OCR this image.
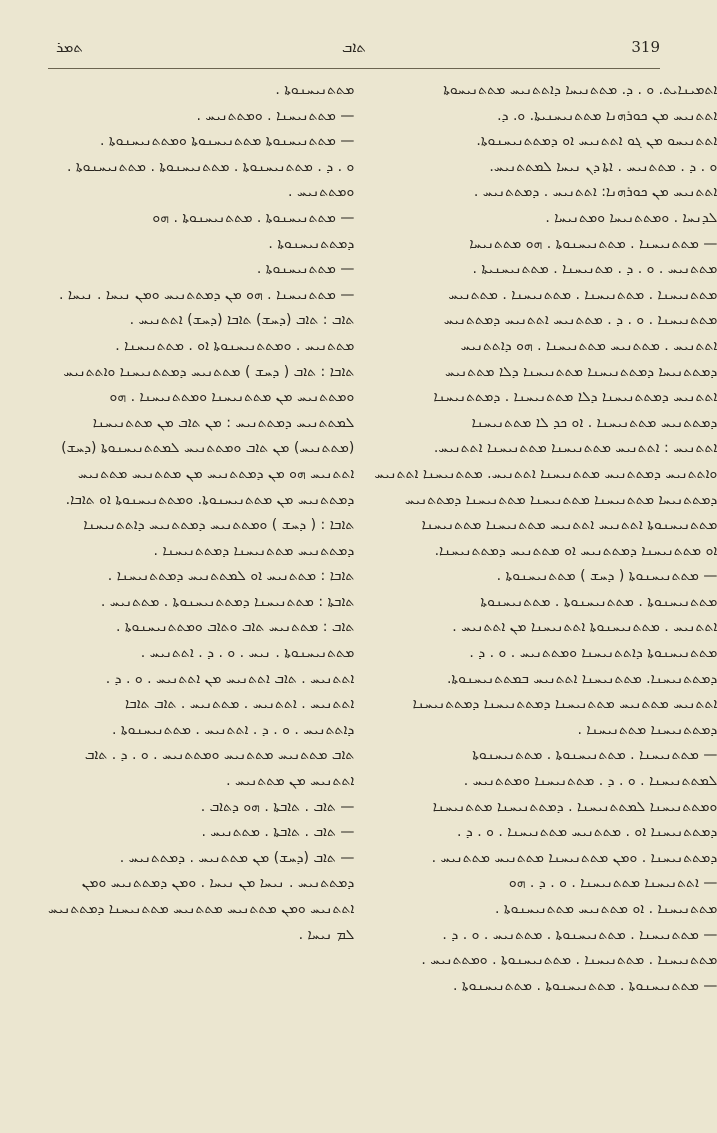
ܬܡܪ	ܬܐܒ	319
ܡܬܬܢܝܚܢܘܬܐ .
— ܡܬܬܢܝܚܢܐ . ܘܡܬܬܢܝܚ .
— ܡܬܬܢܝܚܢܘܬܐ ܡܬܬܢܝܚܢܘܬܐ ܘܡܬܬܢܝܚܢܘܬܐ .
ܘ . ܕ . ܡܬܬܢܝܚܢܘܬܐ . ܡܬܬܢܝܚܢܘܬܐ . ܡܬܬܢܝܚܢܘܬܐ .
ܘܡܬܬܢܝܚ .
— ܡܬܬܢܝܚܢܘܬܐ . ܡܬܬܢܝܚܢܘܬܐ . ܗܘ
ܕܡܬܬܢܝܚܢܘܬܐ .
— ܡܬܬܢܝܚܢܘܬܐ .
— ܡܬܬܢܝܚܢܐ . ܗܘ ܡܢ ܕܡܬܬܢܝܚ ܘܡܢ ܢܝܚܐ . ܢܝܚܐ .
ܬܐܒ : ܬܐܒ (ܕܚܫ) ܬܐܒܐ (ܕܚܫ) ܐܬܬܢܝܚ .
ܡܬܬܢܝܚ . ܘܡܬܬܢܝܚܢܘܬܐ ܐܘ . ܡܬܬܢܝܚܢܐ .
ܬܐܒܐ : ܬܐܒ ( ܕܚܫ ) ܡܬܬܢܝܚ ܕܡܬܬܢܝܚܢܐ ܘܐܬܬܢܝܚ
ܘܡܬܬܢܝܚ ܡܢ ܡܬܬܢܝܚܢܐ ܘܡܬܬܢܝܚܢܐ . ܗܘ
ܠܡܬܬܢܝܚ ܕܡܬܬܢܝܚ : ܡܢ ܬܐܒ ܡܢ ܡܬܬܢܝܚܢܐ
(ܡܬܬܢܝܚ) ܡܢ ܬܐܒ ܘܡܬܬܢܝܚ ܠܡܬܬܢܝܚܢܘܬܐ (ܕܚܫ)
ܐܬܬܢܝܚ ܗܘ ܡܢ ܕܡܬܬܢܝܚ ܡܢ ܡܬܬܢܝܚ ܡܬܬܢܝܚ
ܕܡܬܬܢܝܚ ܡܢ ܡܬܬܢܝܚܢܘܬܐ. ܘܡܬܬܢܝܚܢܘܬܐ ܐܘ ܬܐܒܐ.
ܬܐܒܐ : ( ܕܚܫ ) ܘܡܬܬܢܝܚ ܕܡܬܬܢܝܚ ܕܐܬܬܢܝܚܢܐ
ܕܡܬܬܢܝܚ ܡܬܬܢܝܚܢܐ ܕܡܬܬܢܝܚܢܐ .
ܬܐܒܐ : ܡܬܬܢܝܚ ܐܘ ܠܡܬܬܢܝܚ ܕܡܬܬܢܝܚܢܐ .
ܬܐܒܬܐ : ܡܬܬܢܝܚܢܐ ܕܡܬܬܢܝܚܢܘܬܐ . ܡܬܬܢܝܚ .
ܬܐܒ : ܡܬܬܢܝܚ ܬܐܒ ܘܬܐܒ ܘܡܬܬܢܝܚܢܘܬܐ .
ܡܬܬܢܝܚܢܘܬܐ . ܢܝܚ . ܘ . ܕ . ܐܬܬܢܝܚ .
ܐܬܬܢܝܚ . ܬܐܒ ܐܬܬܢܝܚ ܡܢ ܐܬܬܢܝܚ . ܘ . ܕ .
ܐܬܬܢܝܚ . ܐܬܬܢܝܚ . ܡܬܬܢܝܚ . ܬܐܒ ܬܐܒܐ
ܕܐܬܬܢܝܚ . ܘ . ܕ . ܐܬܬܢܝܚ . ܡܬܬܢܝܚܢܘܬܐ .
ܬܐܒ ܡܬܬܢܝܚ ܡܬܬܢܝܚ ܘܡܬܬܢܝܚ . ܘ . ܕ . ܬܐܒ
ܐܬܬܢܝܚ ܡܢ ܡܬܬܢܝܚ .
— ܬܐܒ . ܬܐܒܬܐ . ܗܘ ܕܬܐܒ .
— ܬܐܒ . ܬܐܒܬܐ . ܡܬܬܢܝܚ .
— ܬܐܒ (ܕܚܫ) ܡܢ ܡܬܬܢܝܚ . ܕܡܬܬܢܝܚ .
ܕܡܬܬܢܝܚ . ܢܝܚܐ ܡܢ ܢܝܚܐ . ܘܡܢ ܕܡܬܬܢܝܚ ܘܡܢ
ܐܬܬܢܝܚ ܘܡܢ ܡܬܬܢܝܚ ܡܬܬܢܝܚ ܡܬܬܢܝܚܢܐ ܕܡܬܬܢܝܚ
ܠܡ ܢܝܚܐ .
ܐܬܡܝܢܐܝܬ. ܘ . ܕ. ܡܬܬܢܝܚܐ ܕܐܬܬܢܝܚ ܡܬܬܢܝܚܘܬܐ
ܐܬܬܢܝܚ ܡܢ ܟܘܪܗܢܐ ܡܬܬܢܝܚܢܝܬܐ. ܘ. ܕ.
ܐܬܬܢܝܚܘ ܡܢ ܓܘ ܐܬܬܢܝܚ ܐܘ ܕܡܬܬܢܝܚܢܘܬܐ.
ܘ . ܕ . ܡܬܬܢܝܚ . ܐܬܐ ܕܢ ܢܝܚܐ ܠܡܬܬܢܝܚ.
ܐܬܬܢܝܚ ܡܢ ܟܘܪܗܢܐ: ܐܬܬܢܝܚ . ܕܡܬܬܢܝܚ .
ܠܕܢܚܐ . ܘܡܬܬܢܝܚܐ ܘܡܬܢܝܚܐ .
— ܡܬܬܢܝܚܢܐ . ܡܬܬܢܝܚܢܘܬܐ . ܗܘ ܡܬܬܢܝܚܐ
ܡܬܬܢܝܚ . ܘ . ܕ . ܡܬܢܝܚܢܐ . ܡܬܬܢܝܚܢܝܬܐ .
ܡܬܬܢܝܚܢܐ . ܡܬܬܢܝܚܢܐ . ܡܬܬܢܝܚܢܐ . ܡܬܬܢܝܚ
ܡܬܬܢܝܚܢܐ . ܘ . ܕ . ܡܬܬܢܝܚ ܐܬܬܢܝܚ ܕܡܬܬܢܝܚ
ܐܬܬܢܝܚ . ܡܬܬܢܝܚ ܡܬܬܢܝܚܢܐ . ܗܘ ܕܐܬܬܢܝܚ
ܕܡܬܬܢܝܚܐ ܕܡܬܬܢܝܚܢܐ ܡܬܬܢܝܚܢܐ ܕܠܐ ܡܬܬܢܝܚ
ܐܬܬܢܝܚ ܕܡܬܬܢܝܚܢܐ ܕܠܐ ܡܬܬܢܝܚܢܐ . ܕܡܬܬܢܝܚܢܐ
ܕܡܬܬܢܝܚ ܡܬܬܢܝܚܢܐ . ܐܘ ܟܕ ܠܐ ܡܬܬܢܝܚܢܐ
ܐܬܬܢܝܚ : ܐܬܬܢܝܚ ܡܬܬܢܝܚܢܐ ܡܬܬܢܝܚܢܐ ܐܬܬܢܝܚ.
ܘܐܬܬܢܝܚ ܕܡܬܬܢܝܚ ܡܬܬܢܝܚܢܐ ܐܬܬܢܝܚ. ܡܬܬܢܝܚܢܐ ܐܬܬܢܝܚ
ܕܡܬܬܢܝܚܐ ܡܬܬܢܝܚܢܐ ܡܬܬܢܝܚܢܐ ܡܬܬܢܝܚܢܐ ܕܡܬܬܢܝܚ
ܡܬܬܢܝܚܢܘܬܐ ܐܬܬܢܝܚ ܐܬܬܢܝܚ ܡܬܬܢܝܚܢܐ ܡܬܬܢܝܚܢܐ
ܐܘ ܡܬܬܢܝܚܢܐ ܕܡܬܬܢܝܚ ܐܘ ܡܬܬܢܝܚ ܕܡܬܬܢܝܚܢܐ.
— ܡܬܬܢܝܚܢܘܬܐ ( ܕܚܫ ) ܡܬܬܢܝܚܢܘܬܐ .
ܡܬܬܢܝܚܢܘܬܐ . ܡܬܬܢܝܚܢܘܬܐ . ܡܬܬܢܝܚܢܘܬܐ
ܐܬܬܢܝܚ . ܡܬܬܢܝܚܢܘܬܐ ܐܬܬܢܝܚܢܐ ܡܢ ܐܬܬܢܝܚ .
ܡܬܬܢܝܚܢܘܬܐ ܕܐܬܬܢܝܚܢܐ ܘܡܬܬܢܝܚ . ܘ . ܕ .
ܕܡܬܬܢܝܚܢܐ. ܡܬܬܢܝܚܢܐ ܐܬܬܢܝܚ ܒܡܬܬܢܝܚܢܘܬܐ.
ܐܬܬܢܝܚ ܡܬܬܢܝܚ ܡܬܬܢܝܚܢܐ ܕܡܬܬܢܝܚܢܐ ܕܡܬܬܢܝܚܢܐ
ܕܡܬܬܢܝܚܢܐ ܡܬܬܢܝܚܢܐ .
— ܡܬܬܢܝܚܢܐ . ܡܬܬܢܝܚܢܘܬܐ . ܡܬܬܢܝܚܢܘܬܐ
ܠܡܬܬܢܝܚܢܐ . ܘ . ܕ . ܡܬܬܢܝܚܢܐ ܘܡܬܬܢܝܚ .
ܘܡܬܬܢܝܚܢܐ ܠܡܬܬܢܝܚܢܐ . ܕܡܬܬܢܝܚܢܐ ܡܬܬܢܝܚܢܐ
ܕܡܬܬܢܝܚܢܐ ܐܘ . ܡܬܬܢܝܚ ܡܬܬܢܝܚܢܐ . ܘ . ܕ .
ܕܡܬܬܢܝܚܢܐ . ܘܡܢ ܡܬܬܢܝܚܢܐ ܡܬܬܢܝܚ ܡܬܬܢܝܚ .
— ܐܬܬܢܝܚܢܐ ܡܬܬܢܝܚܢܐ . ܘ . ܕ . ܗܘ
ܡܬܬܢܝܚܢܐ . ܐܘ ܡܬܬܢܝܚ ܡܬܬܢܝܚܢܘܬܐ .
— ܡܬܬܢܝܚܢܐ . ܡܬܬܢܝܚܢܘܬܐ . ܡܬܬܢܝܚ . ܘ . ܕ .
ܡܬܬܢܝܚܢܐ . ܡܬܬܢܝܚܢܐ . ܡܬܬܢܝܚܢܘܬܐ . ܘܡܬܬܢܝܚ .
— ܡܬܬܢܝܚܢܘܬܐ . ܡܬܬܢܝܚܢܘܬܐ . ܡܬܬܢܝܚܢܘܬܐ .
